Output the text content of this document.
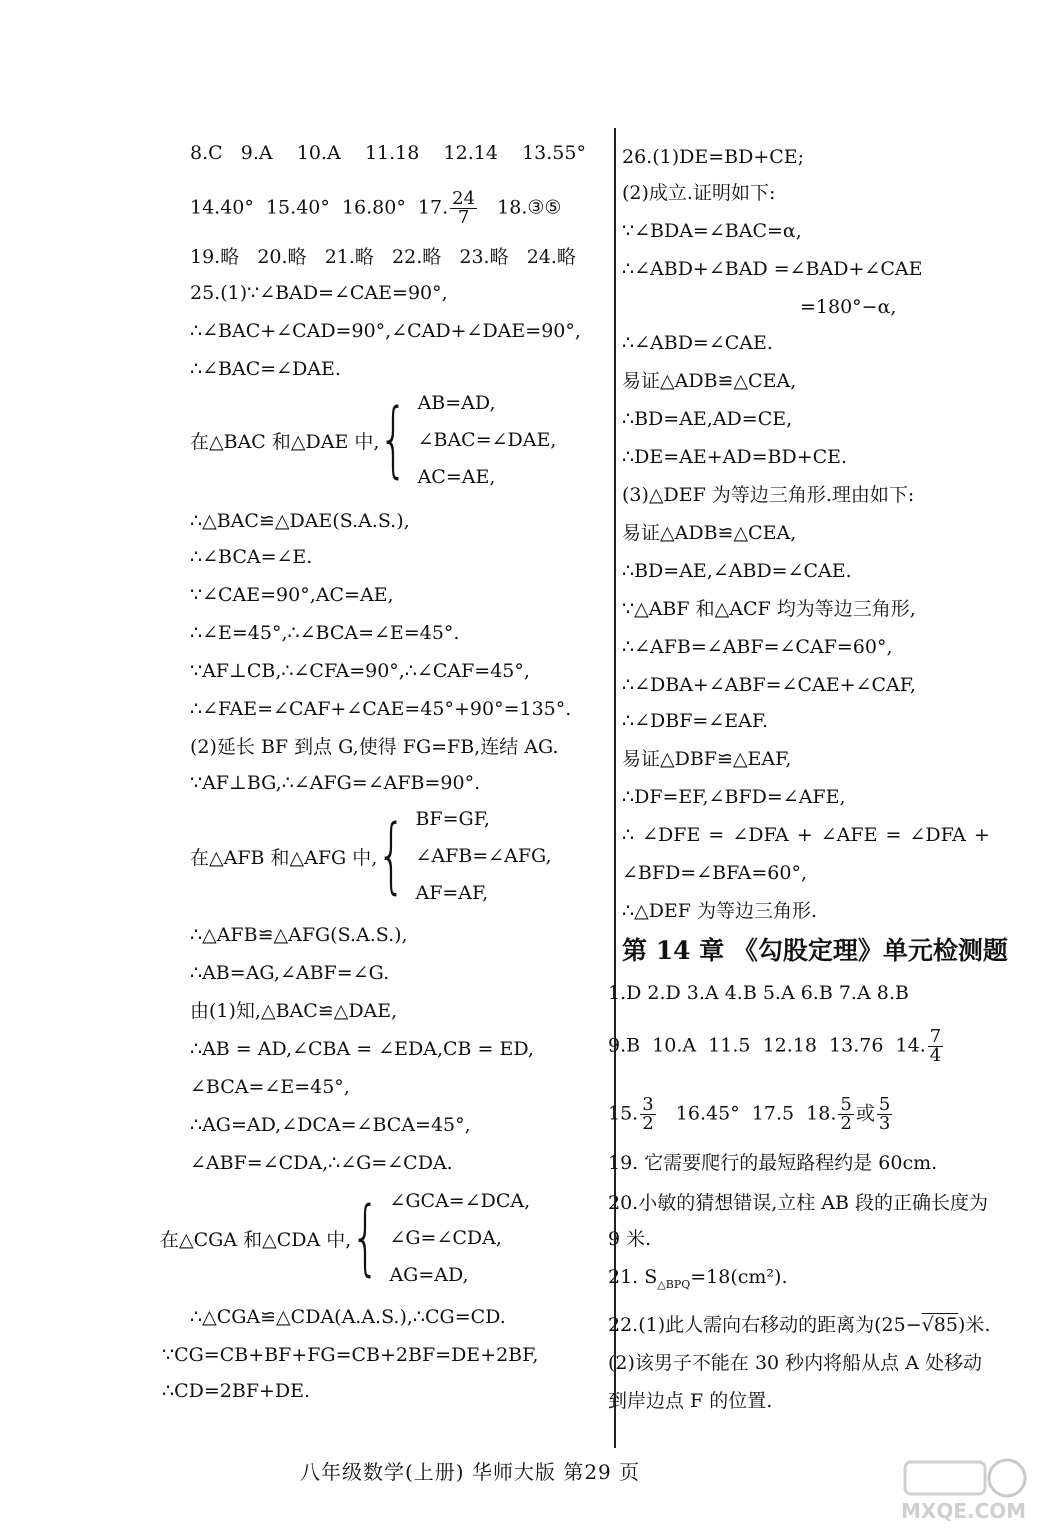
8.C 9.A 10.A 11.18 12.14 13.55°
14.40°  15.40°  16.80°  17. $\frac{24}{7}$ 18.③⑤
19.略 20.略 21.略 22.略 23.略 24.略
25.(1)∵∠BAD=∠CAE=90°,
∴∠BAC+∠CAD=90°,∠CAD+∠DAE=90°,
∴∠BAC=∠DAE.
在△BAC 和△DAE 中, { AB=AD,
∠BAC=∠DAE,
AC=AE,
∴△BAC≌△DAE(S.A.S.),
∴∠BCA=∠E.
∵∠CAE=90°,AC=AE,
∴∠E=45°,∴∠BCA=∠E=45°.
∵AF⊥CB,∴∠CFA=90°,∴∠CAF=45°,
∴∠FAE=∠CAF+∠CAE=45°+90°=135°.
(2)延长 BF 到点 G,使得 FG=FB,连结 AG.
∵AF⊥BG,∴∠AFG=∠AFB=90°.
在△AFB 和△AFG 中, { BF=GF,
∠AFB=∠AFG,
AF=AF,
∴△AFB≌△AFG(S.A.S.),
∴AB=AG,∠ABF=∠G.
由(1)知,△BAC≌△DAE,
∴AB = AD,∠CBA = ∠EDA,CB = ED,
∠BCA=∠E=45°,
∴AG=AD,∠DCA=∠BCA=45°,
∠ABF=∠CDA,∴∠G=∠CDA.
在△CGA 和△CDA 中, { ∠GCA=∠DCA,
∠G=∠CDA,
AG=AD,
∴△CGA≌△CDA(A.A.S.),∴CG=CD.
∵CG=CB+BF+FG=CB+2BF=DE+2BF,
∴CD=2BF+DE.
26.(1)DE=BD+CE;
(2)成立.证明如下:
∵∠BDA=∠BAC=α,
∴∠ABD+∠BAD =∠BAD+∠CAE
=180°−α,
∴∠ABD=∠CAE.
易证△ADB≌△CEA,
∴BD=AE,AD=CE,
∴DE=AE+AD=BD+CE.
(3)△DEF 为等边三角形.理由如下:
易证△ADB≌△CEA,
∴BD=AE,∠ABD=∠CAE.
∵△ABF 和△ACF 均为等边三角形,
∴∠AFB=∠ABF=∠CAF=60°,
∴∠DBA+∠ABF=∠CAE+∠CAF,
∴∠DBF=∠EAF.
易证△DBF≌△EAF,
∴DF=EF,∠BFD=∠AFE,
∴ ∠DFE = ∠DFA + ∠AFE = ∠DFA +
∠BFD=∠BFA=60°,
∴△DEF 为等边三角形.
第 14 章 《勾股定理》单元检测题
1.D 2.D 3.A 4.B 5.A 6.B 7.A 8.B
9.B  10.A  11.5  12.18  13.76  14. $\frac{7}{4}$
15. $\frac{3}{2} 16.45^\circ$  17.5  18. $\frac{5}{2}$ 或 $\frac{5}{3}$
19. 它需要爬行的最短路程约是 60cm.
20.小敏的猜想错误,立柱 AB 段的正确长度为
9 米.
21. $S_{\triangle BPQ}=18(cm^2)$.
22.(1)此人需向右移动的距离为(25−√85)米.
(2)该男子不能在 30 秒内将船从点 A 处移动
到岸边点 F 的位置.
八年级数学(上册) 华师大版 第29 页
MXQE.COM
